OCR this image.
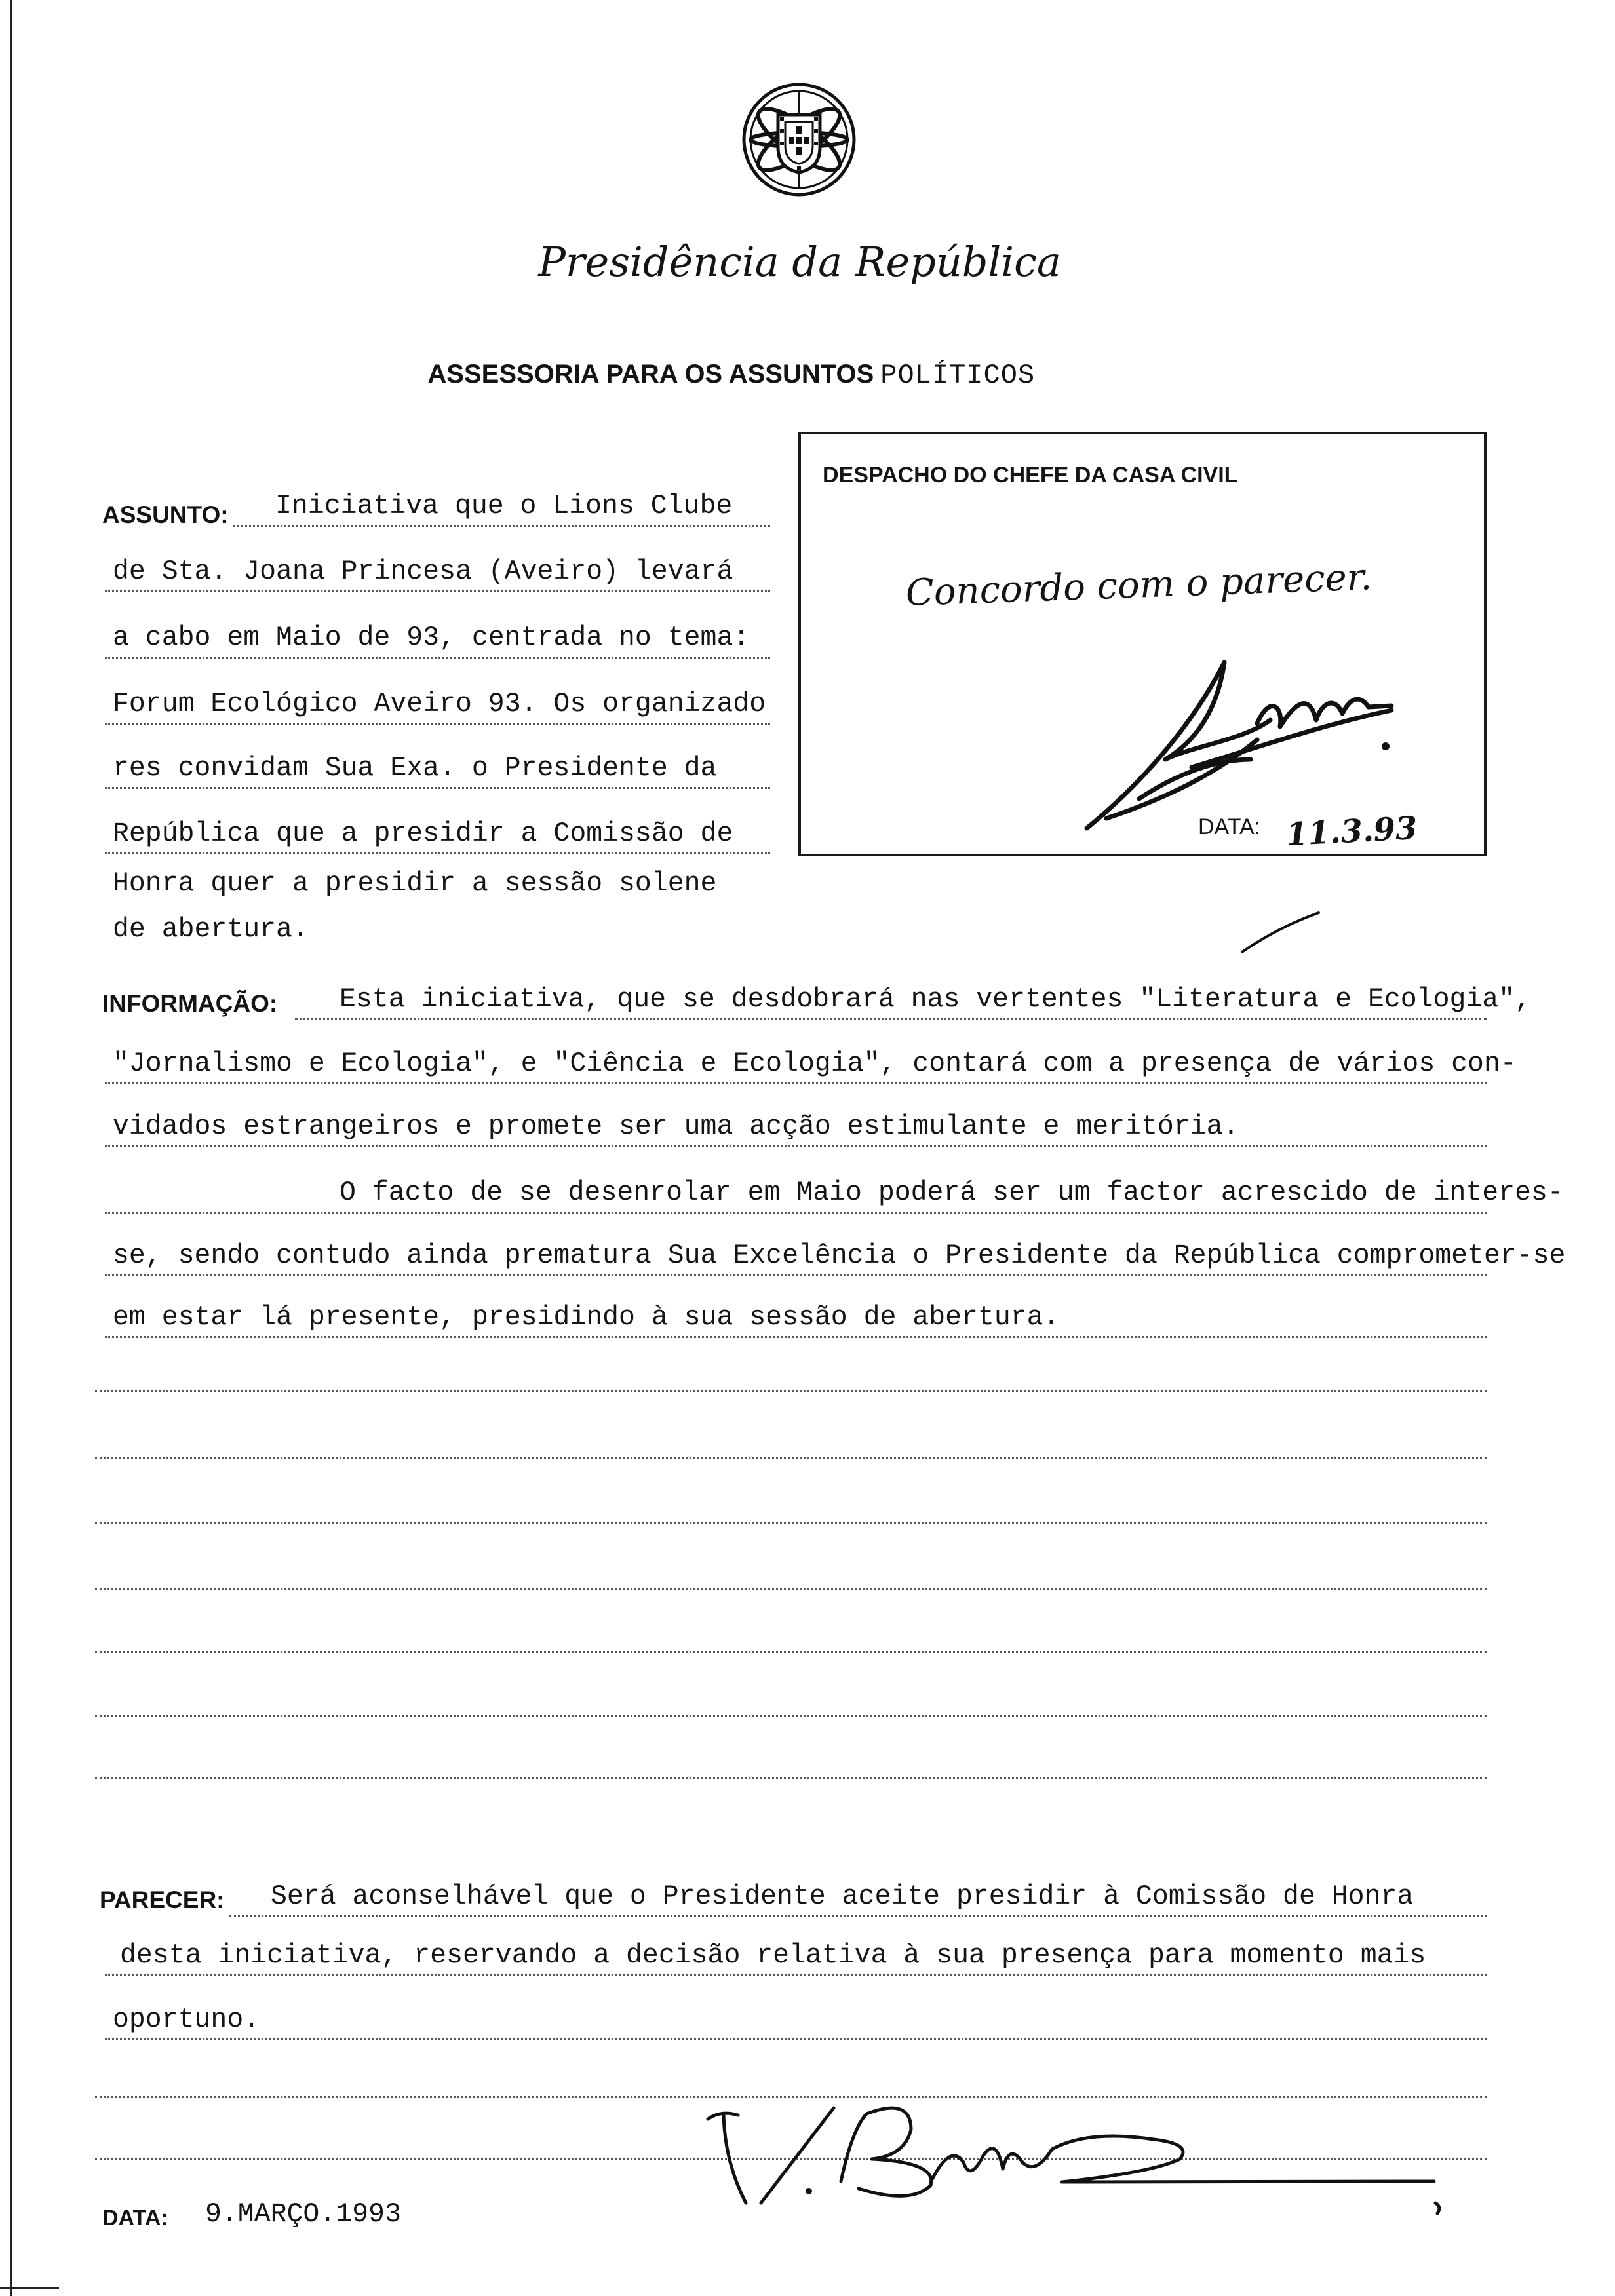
Presidência da República

ASSESSORIA PARA OS ASSUNTOS POLÍTICOS

DESPACHO DO CHEFE DA CASA CIVIL
Concordo com o parecer.
DATA: 11.3.93
ASSUNTO:	Iniciativa que o Lions Clube
de Sta. Joana Princesa (Aveiro) levará
a cabo em Maio de 93, centrada no tema:
Forum Ecológico Aveiro 93. Os organizado
res convidam Sua Exa. o Presidente da
República que a presidir a Comissão de
Honra quer a presidir a sessão solene
de abertura.
INFORMAÇÃO:	Esta iniciativa, que se desdobrará nas vertentes "Literatura e Ecologia",
"Jornalismo e Ecologia", e "Ciência e Ecologia", contará com a presença de vários con-
vidados estrangeiros e promete ser uma acção estimulante e meritória.
O facto de se desenrolar em Maio poderá ser um factor acrescido de interes-
se, sendo contudo ainda prematura Sua Excelência o Presidente da República comprometer-se
em estar lá presente, presidindo à sua sessão de abertura.
PARECER:	Será aconselhável que o Presidente aceite presidir à Comissão de Honra
desta iniciativa, reservando a decisão relativa à sua presença para momento mais
oportuno.
DATA: 9.MARÇO.1993
